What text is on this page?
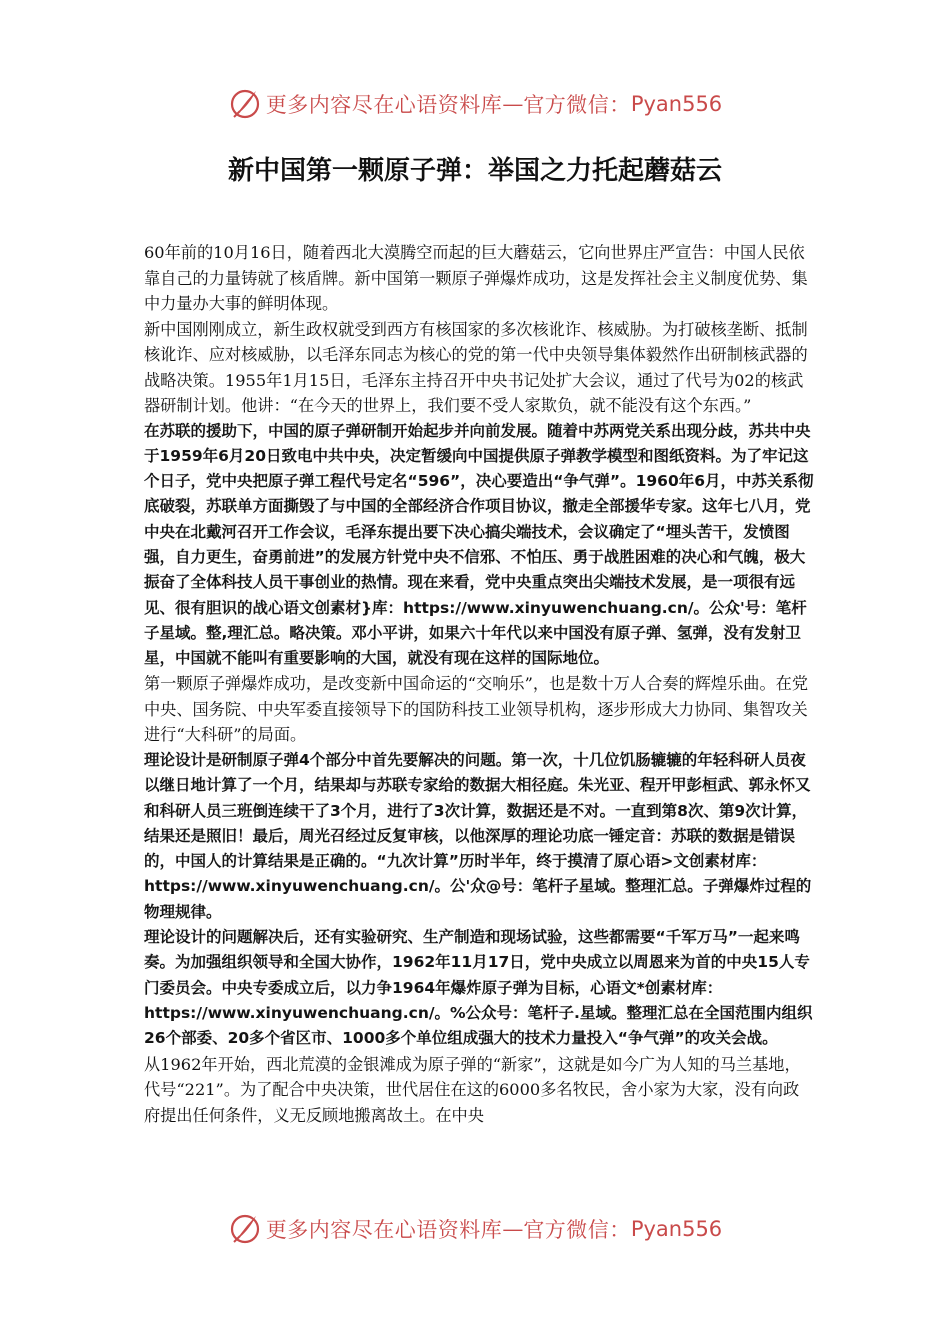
更多内容尽在心语资料库 — 官方微信： Pyan556
新中国第一颗原子弹：举国之力托起蘑菇云

60年前的10月16日，随着西北大漠腾空而起的巨大蘑菇云，它向世界庄严宣告：中国人民依靠自己的力量铸就了核盾牌。新中国第一颗原子弹爆炸成功，这是发挥社会主义制度优势、集中力量办大事的鲜明体现。

新中国刚刚成立，新生政权就受到西方有核国家的多次核讹诈、核威胁。为打破核垄断、抵制核讹诈、应对核威胁，以毛泽东同志为核心的党的第一代中央领导集体毅然作出研制核武器的战略决策。1955年1月15日，毛泽东主持召开中央书记处扩大会议，通过了代号为02的核武器研制计划。他讲：“在今天的世界上，我们要不受人家欺负，就不能没有这个东西。”

在苏联的援助下，中国的原子弹研制开始起步并向前发展。随着中苏两党关系出现分歧，苏共中央于1959年6月20日致电中共中央，决定暂缓向中国提供原子弹教学模型和图纸资料。为了牢记这个日子，党中央把原子弹工程代号定名“596”，决心要造出“争气弹”。1960年6月，中苏关系彻底破裂，苏联单方面撕毁了与中国的全部经济合作项目协议，撤走全部援华专家。这年七八月，党中央在北戴河召开工作会议，毛泽东提出要下决心搞尖端技术，会议确定了“埋头苦干，发愤图强，自力更生，奋勇前进”的发展方针党中央不信邪、不怕压、勇于战胜困难的决心和气魄，极大振奋了全体科技人员干事创业的热情。现在来看，党中央重点突出尖端技术发展，是一项很有远见、很有胆识的战心语文创素材}库：https://www.xinyuwenchuang.cn/。公众'号：笔杆子星域。整,理汇总。略决策。邓小平讲，如果六十年代以来中国没有原子弹、氢弹，没有发射卫星，中国就不能叫有重要影响的大国，就没有现在这样的国际地位。

第一颗原子弹爆炸成功，是改变新中国命运的“交响乐”，也是数十万人合奏的辉煌乐曲。在党中央、国务院、中央军委直接领导下的国防科技工业领导机构，逐步形成大力协同、集智攻关进行“大科研”的局面。

理论设计是研制原子弹4个部分中首先要解决的问题。第一次，十几位饥肠辘辘的年轻科研人员夜以继日地计算了一个月，结果却与苏联专家给的数据大相径庭。朱光亚、程开甲彭桓武、郭永怀又和科研人员三班倒连续干了3个月，进行了3次计算，数据还是不对。一直到第8次、第9次计算，结果还是照旧！最后，周光召经过反复审核，以他深厚的理论功底一锤定音：苏联的数据是错误的，中国人的计算结果是正确的。“九次计算”历时半年，终于摸清了原心语>文创素材库：https://www.xinyuwenchuang.cn/。公'众@号：笔杆子星域。整理汇总。子弹爆炸过程的物理规律。

理论设计的问题解决后，还有实验研究、生产制造和现场试验，这些都需要“千军万马”一起来鸣奏。为加强组织领导和全国大协作，1962年11月17日，党中央成立以周恩来为首的中央15人专门委员会。中央专委成立后，以力争1964年爆炸原子弹为目标，心语文*创素材库：https://www.xinyuwenchuang.cn/。%公众号：笔杆子.星域。整理汇总在全国范围内组织26个部委、20多个省区市、1000多个单位组成强大的技术力量投入“争气弹”的攻关会战。

从1962年开始，西北荒漠的金银滩成为原子弹的“新家”，这就是如今广为人知的马兰基地，代号“221”。为了配合中央决策，世代居住在这的6000多名牧民，舍小家为大家，没有向政府提出任何条件，义无反顾地搬离故土。在中央

更多内容尽在心语资料库 — 官方微信： Pyan556
